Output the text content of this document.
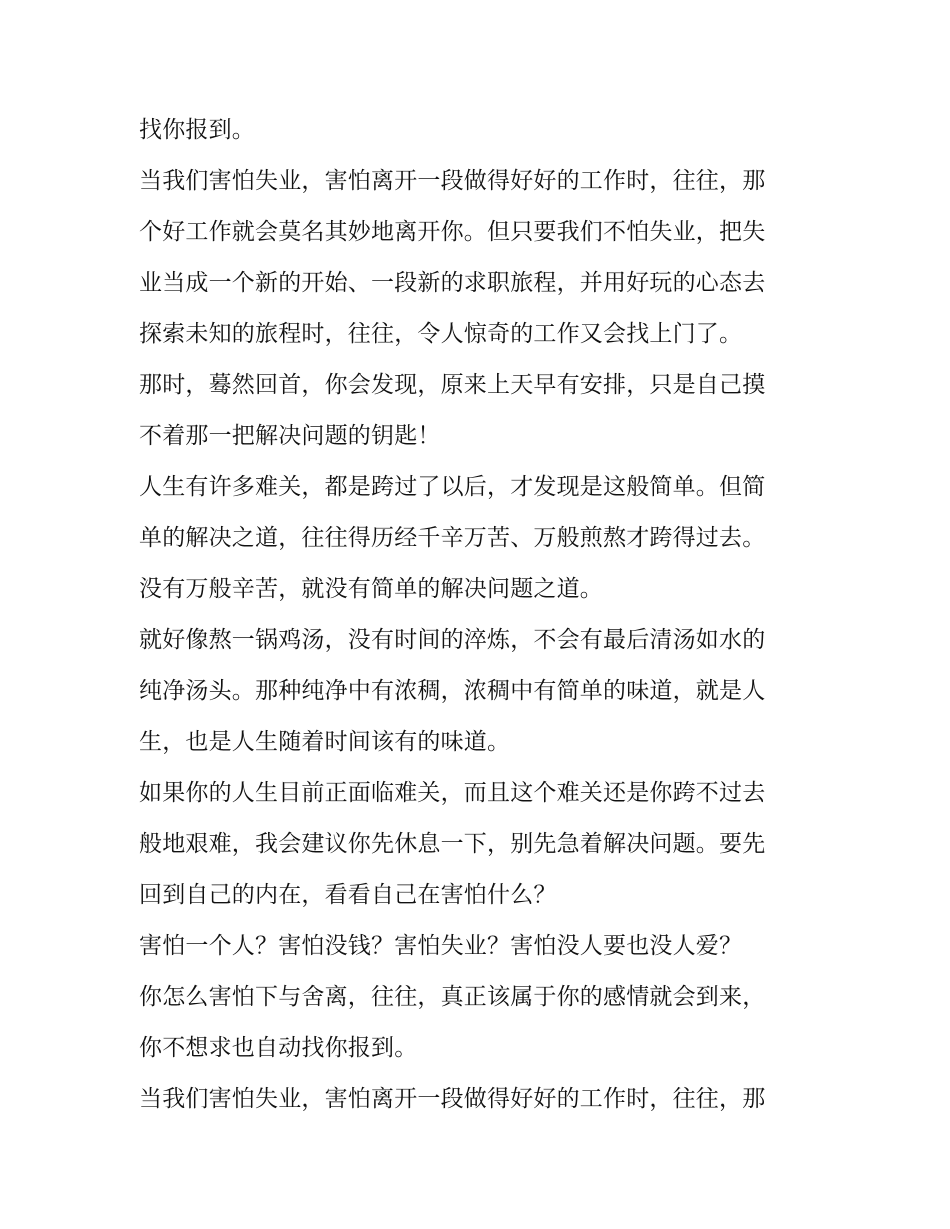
找你报到。
当我们害怕失业，害怕离开一段做得好好的工作时，往往，那
个好工作就会莫名其妙地离开你。但只要我们不怕失业，把失
业当成一个新的开始、一段新的求职旅程，并用好玩的心态去
探索未知的旅程时，往往，令人惊奇的工作又会找上门了。
那时，蓦然回首，你会发现，原来上天早有安排，只是自己摸
不着那一把解决问题的钥匙！
人生有许多难关，都是跨过了以后，才发现是这般简单。但简
单的解决之道，往往得历经千辛万苦、万般煎熬才跨得过去。
没有万般辛苦，就没有简单的解决问题之道。
就好像熬一锅鸡汤，没有时间的淬炼，不会有最后清汤如水的
纯净汤头。那种纯净中有浓稠，浓稠中有简单的味道，就是人
生，也是人生随着时间该有的味道。
如果你的人生目前正面临难关，而且这个难关还是你跨不过去
般地艰难，我会建议你先休息一下，别先急着解决问题。要先
回到自己的内在，看看自己在害怕什么？
害怕一个人？害怕没钱？害怕失业？害怕没人要也没人爱？
你怎么害怕下与舍离，往往，真正该属于你的感情就会到来，
你不想求也自动找你报到。
当我们害怕失业，害怕离开一段做得好好的工作时，往往，那
